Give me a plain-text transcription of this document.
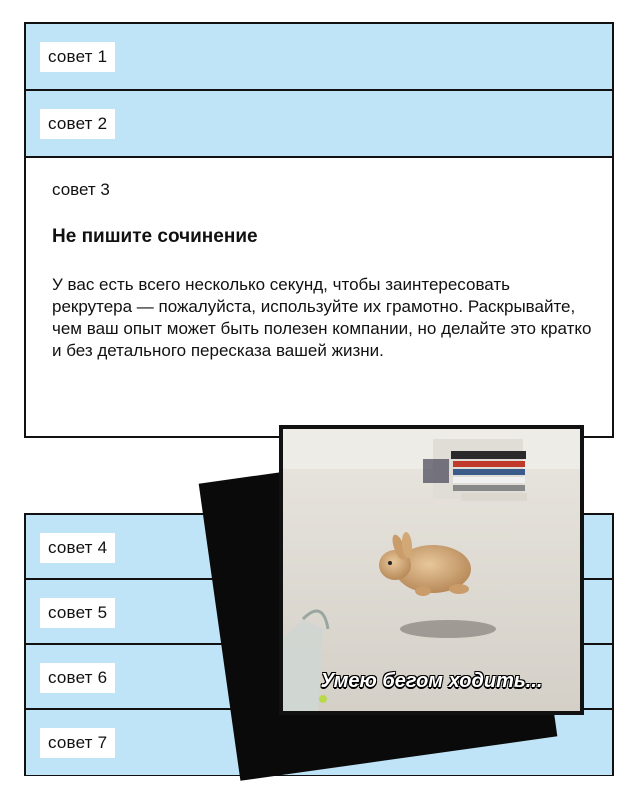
совет 1
совет 2
совет 3
Не пишите сочинение
У вас есть всего несколько секунд, чтобы заинтересовать рекрутера — пожалуйста, используйте их грамотно. Раскрывайте, чем ваш опыт может быть полезен компании, но делайте это кратко и без детального пересказа вашей жизни.
совет 4
совет 5
совет 6
совет 7
Умею бегом ходить...
